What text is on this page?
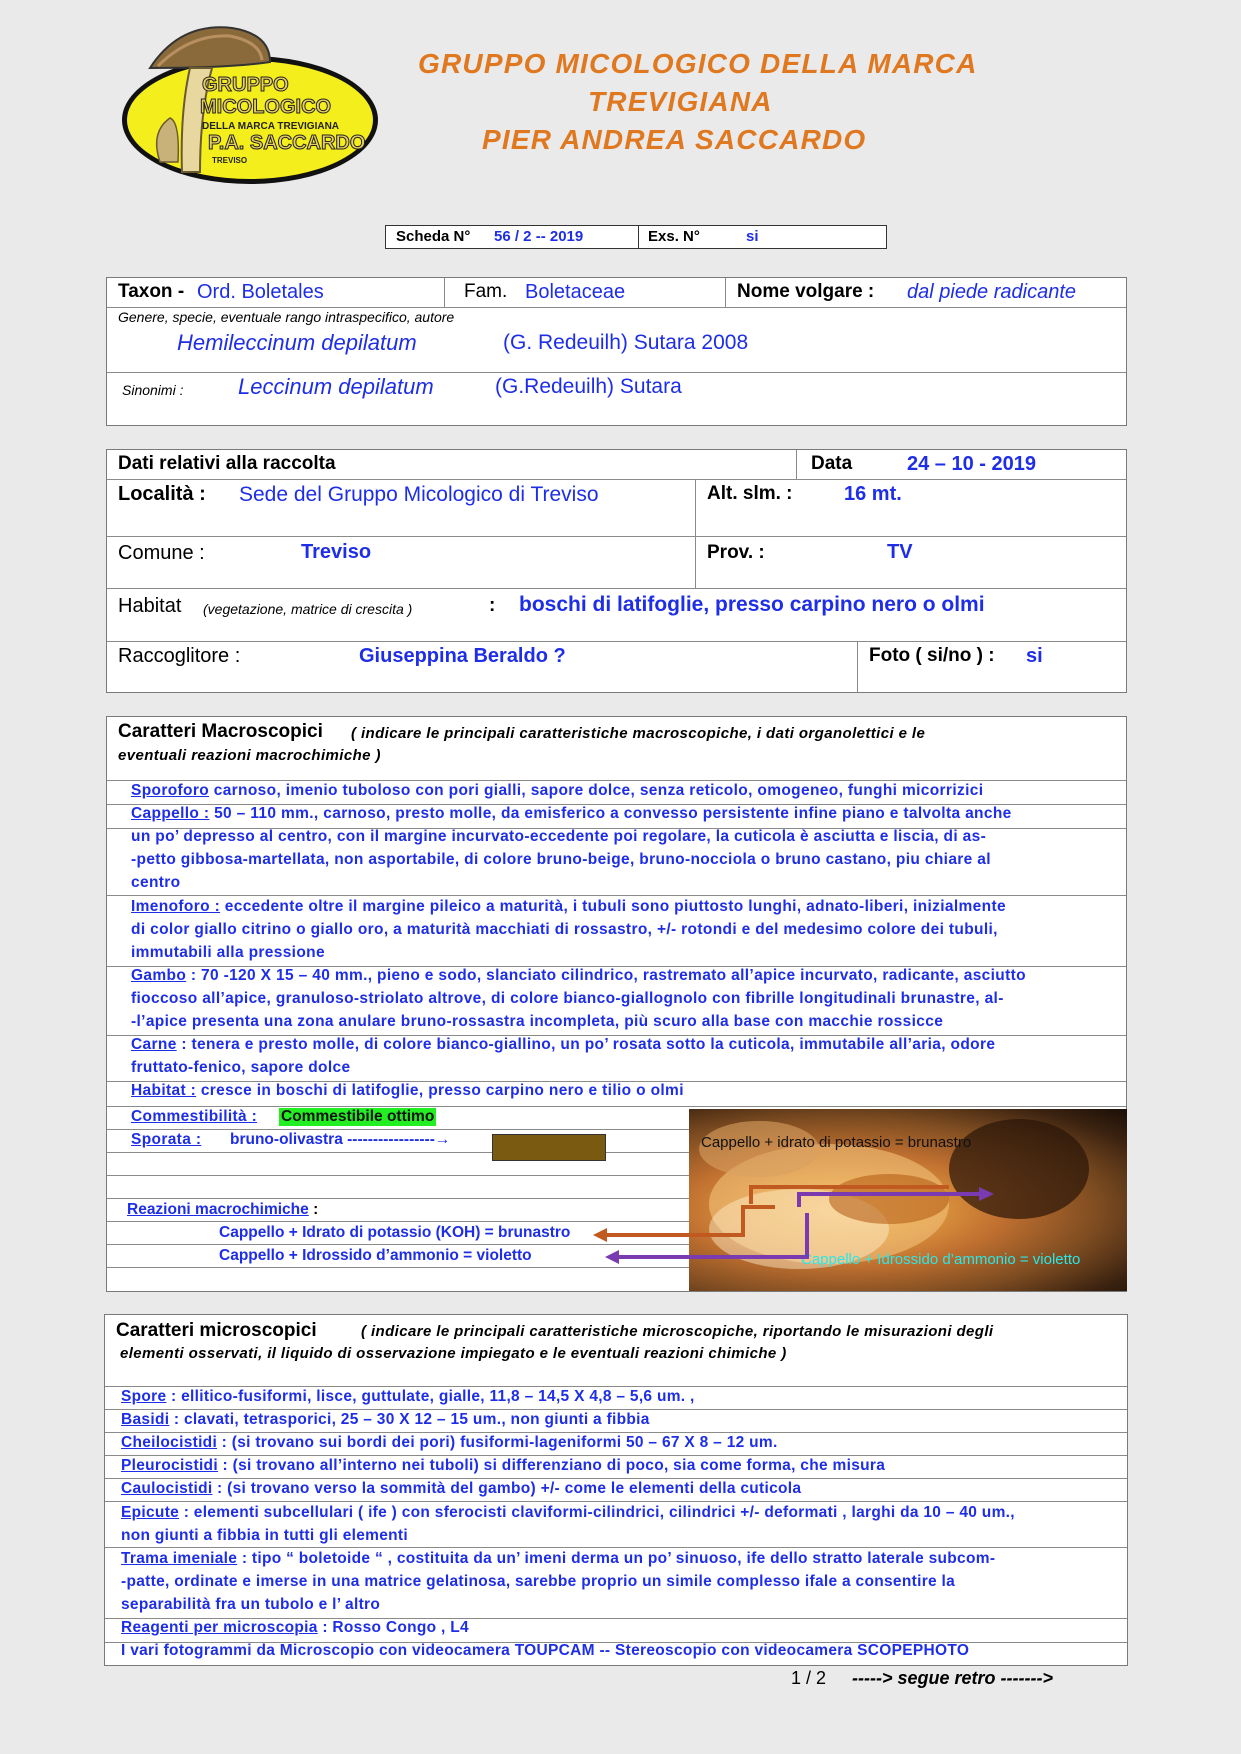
GRUPPO
MICOLOGICO
DELLA MARCA TREVIGIANA
P.A. SACCARDO
TREVISO
GRUPPO MICOLOGICO DELLA MARCA
TREVIGIANA
PIER ANDREA SACCARDO
Scheda N° 56 / 2 -- 2019	Exs. N°	si
Taxon - Ord. Boletales	Fam. Boletaceae	Nome volgare : dal piede radicante
Genere, specie, eventuale rango intraspecifico, autore
Hemileccinum depilatum	(G. Redeuilh) Sutara 2008
Sinonimi : Leccinum depilatum	(G.Redeuilh) Sutara
Dati relativi alla raccolta	Data	24 – 10 - 2019
Località : Sede del Gruppo Micologico di Treviso	Alt. slm. :	16 mt.
Comune :	Treviso	Prov. :	TV
Habitat (vegetazione, matrice di crescita )	: boschi di latifoglie, presso carpino nero o olmi
Raccoglitore :	Giuseppina Beraldo ?	Foto ( si/no ) : si
Caratteri Macroscopici ( indicare le principali caratteristiche macroscopiche, i dati organolettici e le
eventuali reazioni macrochimiche )
Sporoforo carnoso, imenio tuboloso con pori gialli, sapore dolce, senza reticolo, omogeneo, funghi micorrizici
Cappello : 50 – 110 mm., carnoso, presto molle, da emisferico a convesso persistente infine piano e talvolta anche
un po’ depresso al centro, con il margine incurvato-eccedente poi regolare, la cuticola è asciutta e liscia, di as-
-petto gibbosa-martellata, non asportabile, di colore bruno-beige, bruno-nocciola o bruno castano, piu chiare al
centro
Imenoforo : eccedente oltre il margine pileico a maturità, i tubuli sono piuttosto lunghi, adnato-liberi, inizialmente
di color giallo citrino o giallo oro, a maturità macchiati di rossastro, +/- rotondi e del medesimo colore dei tubuli,
immutabili alla pressione
Gambo : 70 -120 X 15 – 40 mm., pieno e sodo, slanciato cilindrico, rastremato all’apice incurvato, radicante, asciutto
fioccoso all’apice, granuloso-striolato altrove, di colore bianco-giallognolo con fibrille longitudinali brunastre, al-
-l’apice presenta una zona anulare bruno-rossastra incompleta, più scuro alla base con macchie rossicce
Carne : tenera e presto molle, di colore bianco-giallino, un po’ rosata sotto la cuticola, immutabile all’aria, odore
fruttato-fenico, sapore dolce
Habitat : cresce in boschi di latifoglie, presso carpino nero e tilio o olmi
Commestibilità : Commestibile ottimo
Sporata : bruno-olivastra -----------------→
Reazioni macrochimiche :
Cappello + Idrato di potassio (KOH) = brunastro
Cappello + Idrossido d’ammonio = violetto
Cappello + idrato di potassio = brunastro
Cappello + Idrossido d’ammonio = violetto
Caratteri microscopici	( indicare le principali caratteristiche microscopiche, riportando le misurazioni degli
elementi osservati, il liquido di osservazione impiegato e le eventuali reazioni chimiche )
Spore : ellitico-fusiformi, lisce, guttulate, gialle, 11,8 – 14,5 X 4,8 – 5,6 um. ,
Basidi : clavati, tetrasporici, 25 – 30 X 12 – 15 um., non giunti a fibbia
Cheilocistidi : (si trovano sui bordi dei pori) fusiformi-lageniformi 50 – 67 X 8 – 12 um.
Pleurocistidi : (si trovano all’interno nei tuboli) si differenziano di poco, sia come forma, che misura
Caulocistidi : (si trovano verso la sommità del gambo) +/- come le elementi della cuticola
Epicute : elementi subcellulari ( ife ) con sferocisti claviformi-cilindrici, cilindrici +/- deformati , larghi da 10 – 40 um.,
non giunti a fibbia in tutti gli elementi
Trama imeniale : tipo “ boletoide “ , costituita da un’ imeni derma un po’ sinuoso, ife dello stratto laterale subcom-
-patte, ordinate e imerse in una matrice gelatinosa, sarebbe proprio un simile complesso ifale a consentire la
separabilità fra un tubolo e l’ altro
Reagenti per microscopia : Rosso Congo , L4
I vari fotogrammi da Microscopio con videocamera TOUPCAM -- Stereoscopio con videocamera SCOPEPHOTO
1 / 2 -----> segue retro ------->
